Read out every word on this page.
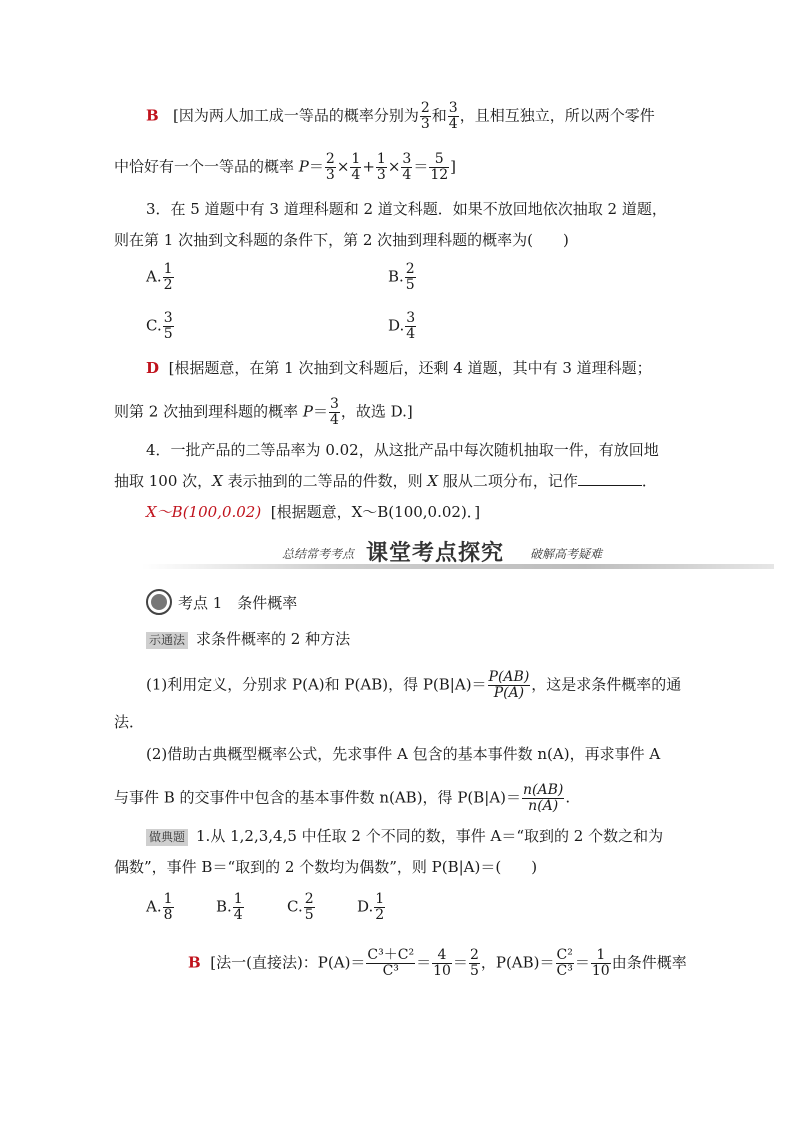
B [因为两人加工成一等品的概率分别为 $\frac{2}{3}$ 和 $\frac{3}{4}$ ，且相互独立，所以两个零件
中恰好有一个一等品的概率 $P= \frac{2}{3} \times \frac{1}{4} + \frac{1}{3} \times \frac{3}{4} = \frac{5}{12}$ ]
3．在 5 道题中有 3 道理科题和 2 道文科题．如果不放回地依次抽取 2 道题，
则在第 1 次抽到文科题的条件下，第 2 次抽到理科题的概率为(　　)
A. $\frac{1}{2}$	B. $\frac{2}{5}$
C. $\frac{3}{5}$	D. $\frac{3}{4}$
D [根据题意，在第 1 次抽到文科题后，还剩 4 道题，其中有 3 道理科题；
则第 2 次抽到理科题的概率 $P= \frac{3}{4}$ ，故选 D.]
4．一批产品的二等品率为 0.02，从这批产品中每次随机抽取一件，有放回地
抽取 100 次，X 表示抽到的二等品的件数，则 X 服从二项分布，记作	．
X～B(100,0.02) [根据题意，X～B(100,0.02)．]
总结常考考点 课堂考点探究 破解高考疑难
考点 1　条件概率
示通法 求条件概率的 2 种方法
(1)利用定义，分别求 P(A)和 P(AB)，得 $P(B|A)= \frac{P(AB)}{P(A)}$ ，这是求条件概率的通
法．
(2)借助古典概型概率公式，先求事件 A 包含的基本事件数 n(A)，再求事件 A
与事件 B 的交事件中包含的基本事件数 n(AB)，得 $P(B|A)= \frac{n(AB)}{n(A)}$ .
做典题 1.从 1,2,3,4,5 中任取 2 个不同的数，事件 A＝“取到的 2 个数之和为
偶数”，事件 B＝“取到的 2 个数均为偶数”，则 P(B|A)＝(　　)
A. $\frac{1}{8}$	B. $\frac{1}{4}$	C. $\frac{2}{5}$	D. $\frac{1}{2}$
B [法一(直接法)：$P(A)= \frac{\text{C³＋C²}}{\text{C³}} = \frac{4}{10} = \frac{2}{5}$ ，$P(AB)= \frac{\text{C²}}{\text{C³}} = \frac{1}{10}$ 由条件概率
